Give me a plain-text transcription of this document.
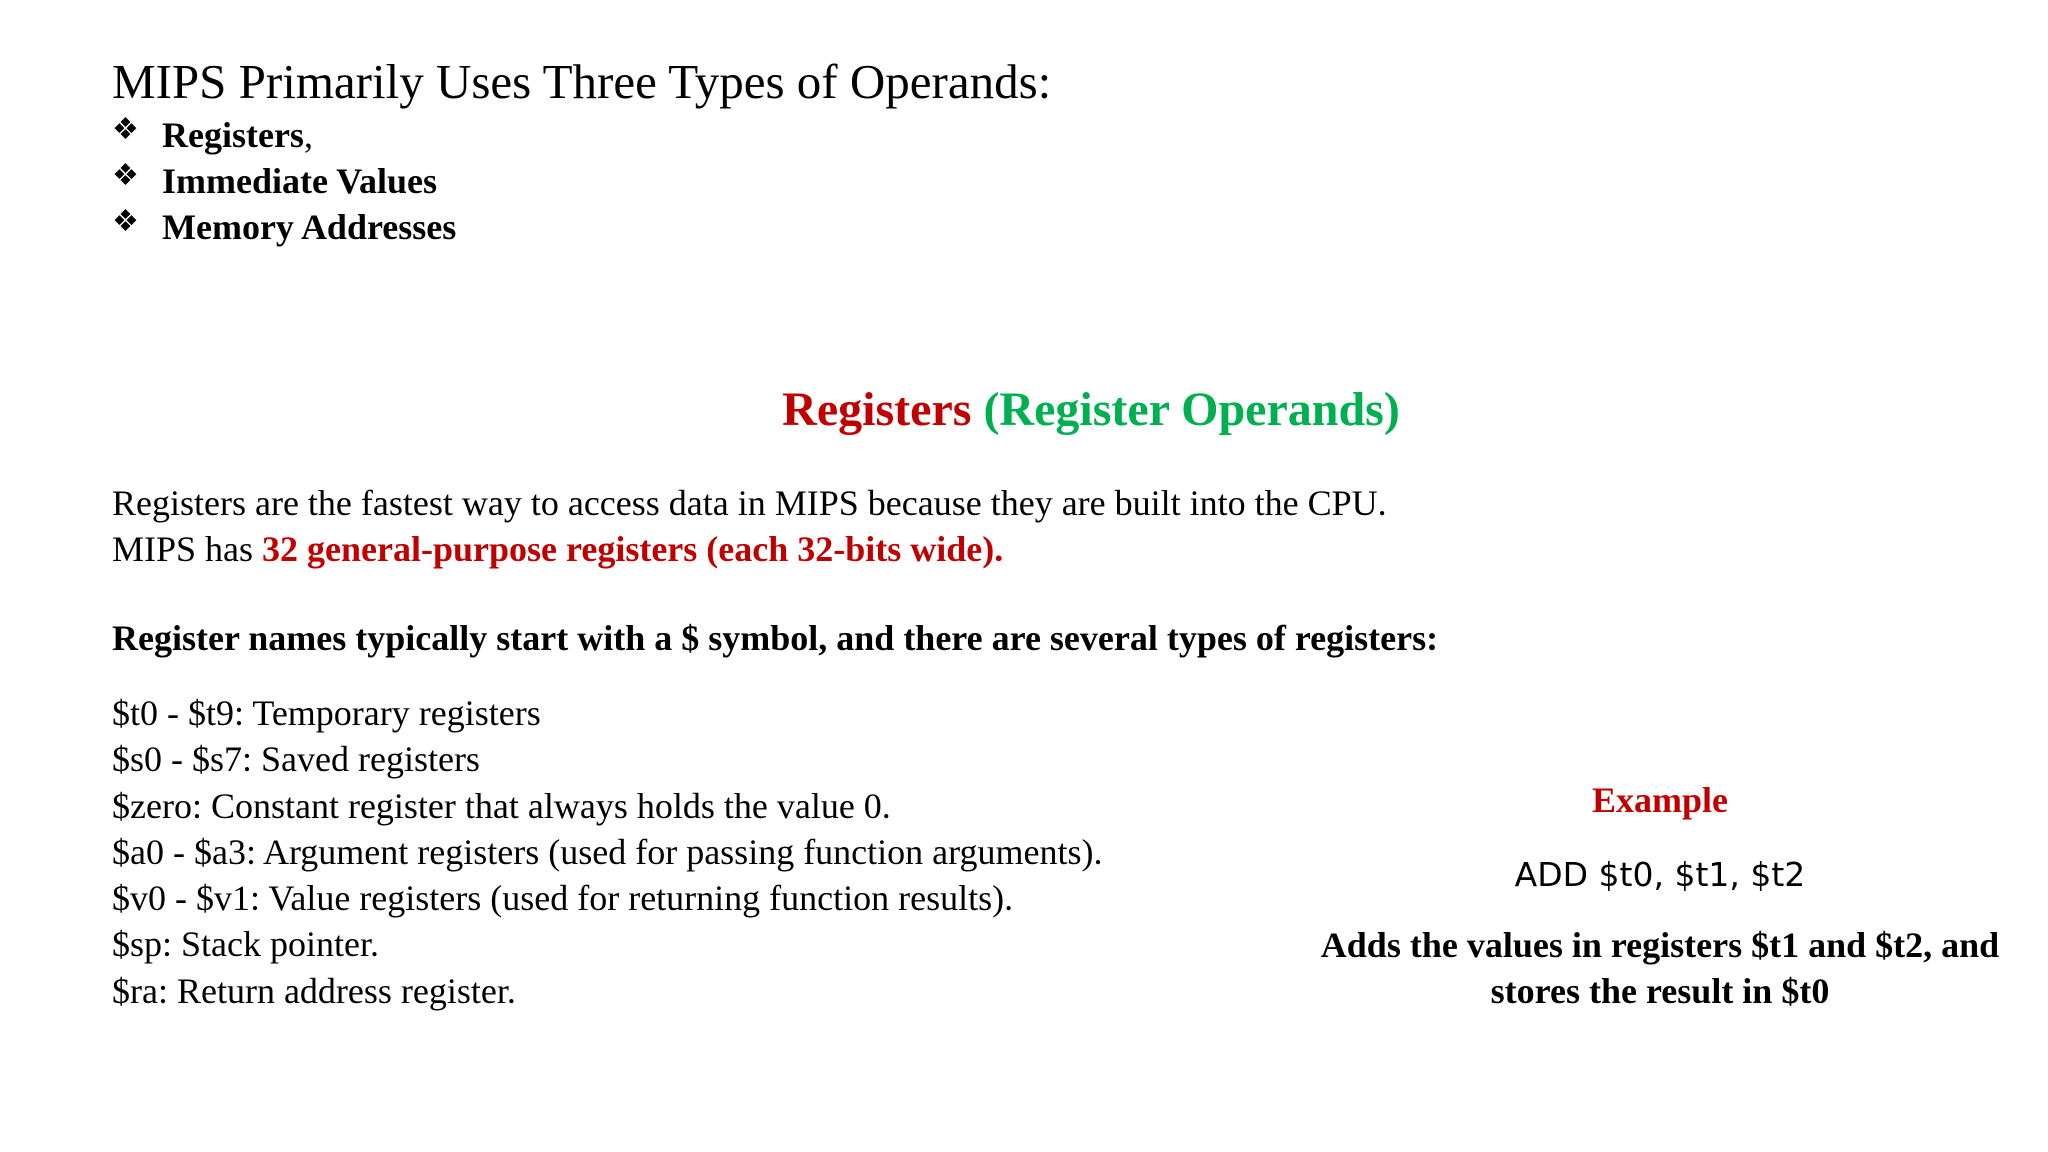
MIPS Primarily Uses Three Types of Operands:
❖ Registers ,
❖ Immediate Values
❖ Memory Addresses
Registers (Register Operands)
Registers are the fastest way to access data in MIPS because they are built into the CPU.
MIPS has 32 general-purpose registers (each 32-bits wide).
Register names typically start with a $ symbol, and there are several types of registers:
$t0 - $t9: Temporary registers
$s0 - $s7: Saved registers
$zero: Constant register that always holds the value 0.
$a0 - $a3: Argument registers (used for passing function arguments).
$v0 - $v1: Value registers (used for returning function results).
$sp: Stack pointer.
$ra: Return address register.
Example
ADD $t0, $t1, $t2
Adds the values in registers $t1 and $t2, and
stores the result in $t0
